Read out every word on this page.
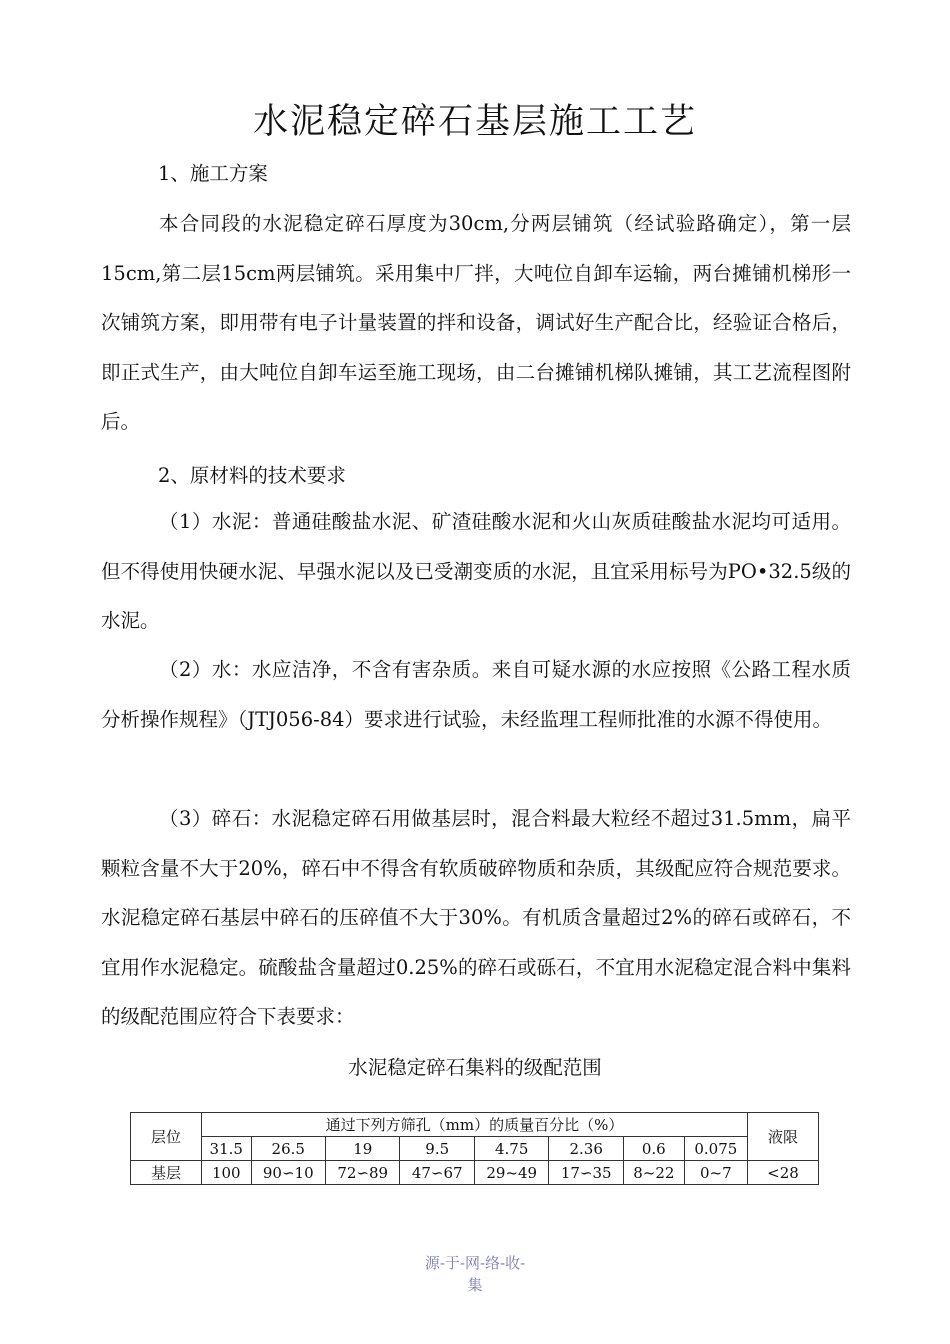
水泥稳定碎石基层施工工艺
1、施工方案

本合同段的水泥稳定碎石厚度为30cm,分两层铺筑（经试验路确定），第一层15cm,第二层15cm两层铺筑。采用集中厂拌，大吨位自卸车运输，两台摊铺机梯形一次铺筑方案，即用带有电子计量装置的拌和设备，调试好生产配合比，经验证合格后，即正式生产，由大吨位自卸车运至施工现场，由二台摊铺机梯队摊铺，其工艺流程图附后。

2、原材料的技术要求

（1）水泥：普通硅酸盐水泥、矿渣硅酸水泥和火山灰质硅酸盐水泥均可适用。但不得使用快硬水泥、早强水泥以及已受潮变质的水泥，且宜采用标号为PO•32.5级的水泥。

（2）水：水应洁净，不含有害杂质。来自可疑水源的水应按照《公路工程水质分析操作规程》（JTJ056-84）要求进行试验，未经监理工程师批准的水源不得使用。

（3）碎石：水泥稳定碎石用做基层时，混合料最大粒经不超过31.5mm，扁平颗粒含量不大于20%，碎石中不得含有软质破碎物质和杂质，其级配应符合规范要求。水泥稳定碎石基层中碎石的压碎值不大于30%。有机质含量超过2%的碎石或碎石，不宜用作水泥稳定。硫酸盐含量超过0.25%的碎石或砾石，不宜用水泥稳定混合料中集料的级配范围应符合下表要求：

水泥稳定碎石集料的级配范围
层位	通过下列方筛孔（mm）的质量百分比（%）								液限
	31.5	26.5	19	9.5	4.75	2.36	0.6	0.075	
基层	100	90∽10	72∽89	47∽67	29~49	17∽35	8~22	0~7	<28
源-于-网-络-收-
集
